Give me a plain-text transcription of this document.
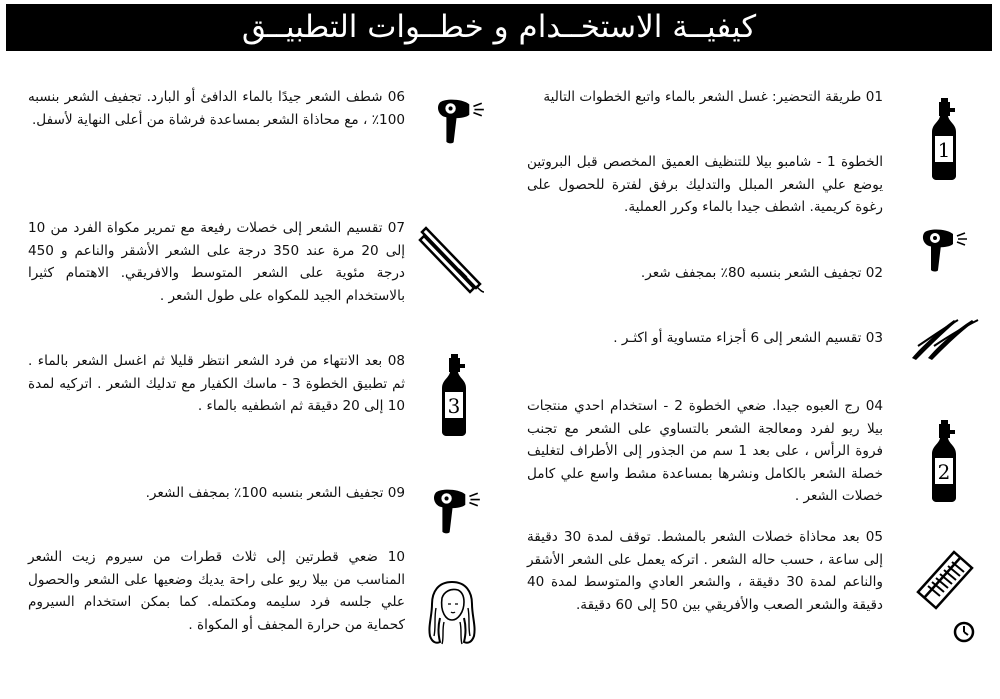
كيفيــة الاستخــدام و خطــوات التطبيــق

01 طريقة التحضير: غسل الشعر بالماء واتبع الخطوات التالية

الخطوة 1 - شامبو بيلا للتنظيف العميق المخصص قبل البروتين يوضع علي الشعر المبلل والتدليك برفق لفترة للحصول على رغوة كريمية. اشطف جيدا بالماء وكرر العملية.

02 تجفيف الشعر بنسبه 80٪ بمجفف شعر.

03 تقسيم الشعر إلى 6 أجزاء متساوية أو اكثـر .

04 رج العبوه جيدا. ضعي الخطوة 2 - استخدام احدي منتجات بيلا ريو لفرد ومعالجة الشعر بالتساوي على الشعر مع تجنب فروة الرأس ، على بعد 1 سم من الجذور إلى الأطراف لتغليف خصلة الشعر بالكامل ونشرها بمساعدة مشط واسع علي كامل خصلات الشعر .

05 بعد محاذاة خصلات الشعر بالمشط. توقف لمدة 30 دقيقة إلى ساعة ، حسب حاله الشعر . اتركه يعمل على الشعر الأشقر والناعم لمدة 30 دقيقة ، والشعر العادي والمتوسط لمدة 40 دقيقة والشعر الصعب والأفريقي بين 50 إلى 60 دقيقة.

06 شطف الشعر جيدًا بالماء الدافئ أو البارد. تجفيف الشعر بنسبه 100٪ ، مع محاذاة الشعر بمساعدة فرشاة من أعلى النهاية لأسفل.

07 تقسيم الشعر إلى خصلات رفيعة مع تمرير مكواة الفرد من 10 إلى 20 مرة عند 350 درجة على الشعر الأشقر والناعم و 450 درجة مئوية على الشعر المتوسط والافريقي. الاهتمام كثيرا بالاستخدام الجيد للمكواه على طول الشعر .

08 بعد الانتهاء من فرد الشعر انتظر قليلا ثم اغسل الشعر بالماء . ثم تطبيق الخطوة 3 - ماسك الكفيار مع تدليك الشعر . اتركيه لمدة 10 إلى 20 دقيقة ثم اشطفيه بالماء .

09 تجفيف الشعر بنسبه 100٪ بمجفف الشعر.

10 ضعي قطرتين إلى ثلاث قطرات من سيروم زيت الشعر المناسب من بيلا ريو على راحة يديك وضعيها على الشعر والحصول علي جلسه فرد سليمه ومكتمله. كما بمكن استخدام السيروم كحماية من حرارة المجفف أو المكواة .

1
2
3
